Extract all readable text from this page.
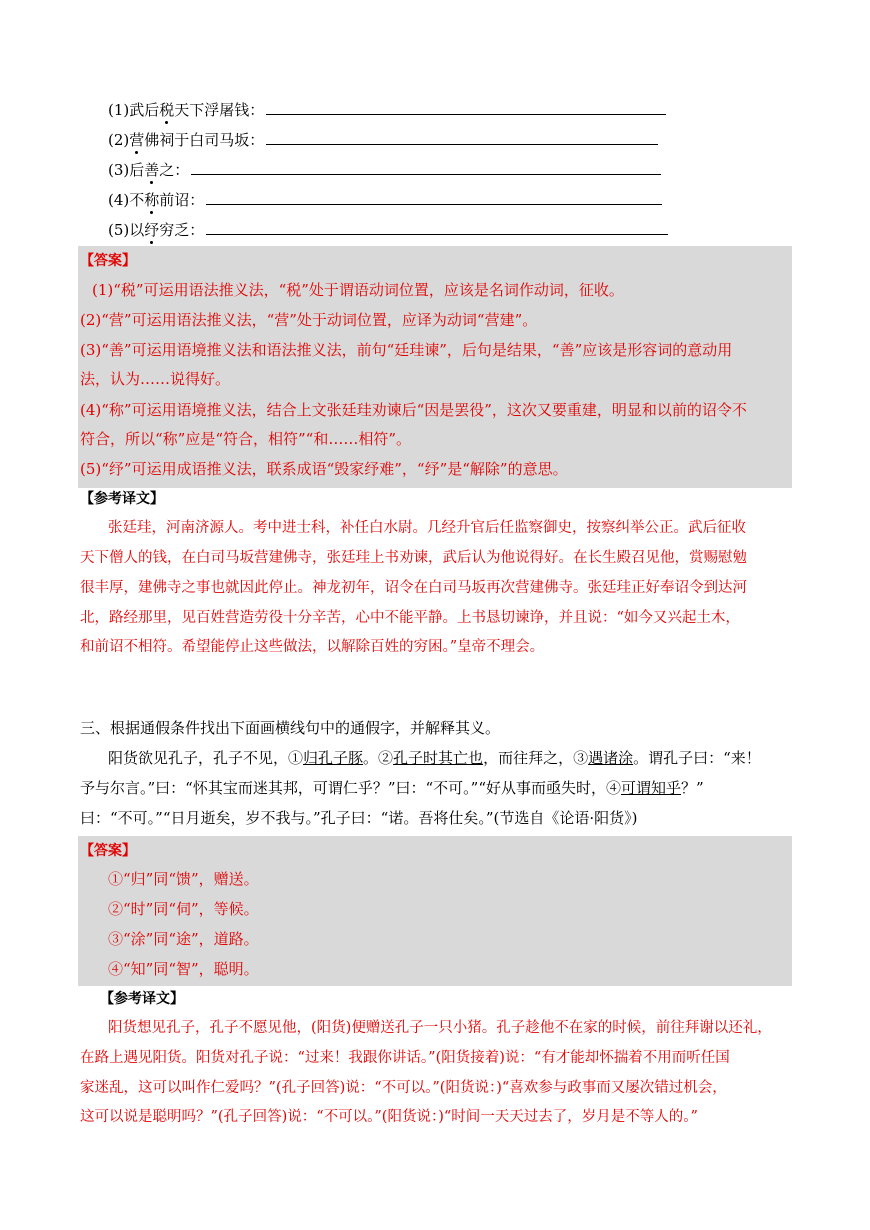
(1)武后税天下浮屠钱：
(2)营佛祠于白司马坂：
(3)后善之：
(4)不称前诏：
(5)以纾穷乏：
【答案】
(1)“税”可运用语法推义法，“税”处于谓语动词位置，应该是名词作动词，征收。
(2)“营”可运用语法推义法，“营”处于动词位置，应译为动词“营建”。
(3)“善”可运用语境推义法和语法推义法，前句“廷珪谏”，后句是结果，“善”应该是形容词的意动用
法，认为……说得好。
(4)“称”可运用语境推义法，结合上文张廷珪劝谏后“因是罢役”，这次又要重建，明显和以前的诏令不
符合，所以“称”应是“符合，相符”“和……相符”。
(5)“纾”可运用成语推义法，联系成语“毁家纾难”，“纾”是“解除”的意思。
【参考译文】
张廷珪，河南济源人。考中进士科，补任白水尉。几经升官后任监察御史，按察纠举公正。武后征收
天下僧人的钱，在白司马坂营建佛寺，张廷珪上书劝谏，武后认为他说得好。在长生殿召见他，赏赐慰勉
很丰厚，建佛寺之事也就因此停止。神龙初年，诏令在白司马坂再次营建佛寺。张廷珪正好奉诏令到达河
北，路经那里，见百姓营造劳役十分辛苦，心中不能平静。上书恳切谏诤，并且说：“如今又兴起土木，
和前诏不相符。希望能停止这些做法，以解除百姓的穷困。”皇帝不理会。
三、根据通假条件找出下面画横线句中的通假字，并解释其义。
阳货欲见孔子，孔子不见，①归孔子豚。②孔子时其亡也，而往拜之，③遇诸涂。谓孔子曰：“来！
予与尔言。”曰：“怀其宝而迷其邦，可谓仁乎？”曰：“不可。”“好从事而亟失时，④可谓知乎？”
曰：“不可。”“日月逝矣，岁不我与。”孔子曰：“诺。吾将仕矣。”(节选自《论语·阳货》)
【答案】
①“归”同“馈”，赠送。
②“时”同“伺”，等候。
③“涂”同“途”，道路。
④“知”同“智”，聪明。
【参考译文】
阳货想见孔子，孔子不愿见他，(阳货)便赠送孔子一只小猪。孔子趁他不在家的时候，前往拜谢以还礼，
在路上遇见阳货。阳货对孔子说：“过来！我跟你讲话。”(阳货接着)说：“有才能却怀揣着不用而听任国
家迷乱，这可以叫作仁爱吗？”(孔子回答)说：“不可以。”(阳货说：)“喜欢参与政事而又屡次错过机会，
这可以说是聪明吗？”(孔子回答)说：“不可以。”(阳货说：)“时间一天天过去了，岁月是不等人的。”
